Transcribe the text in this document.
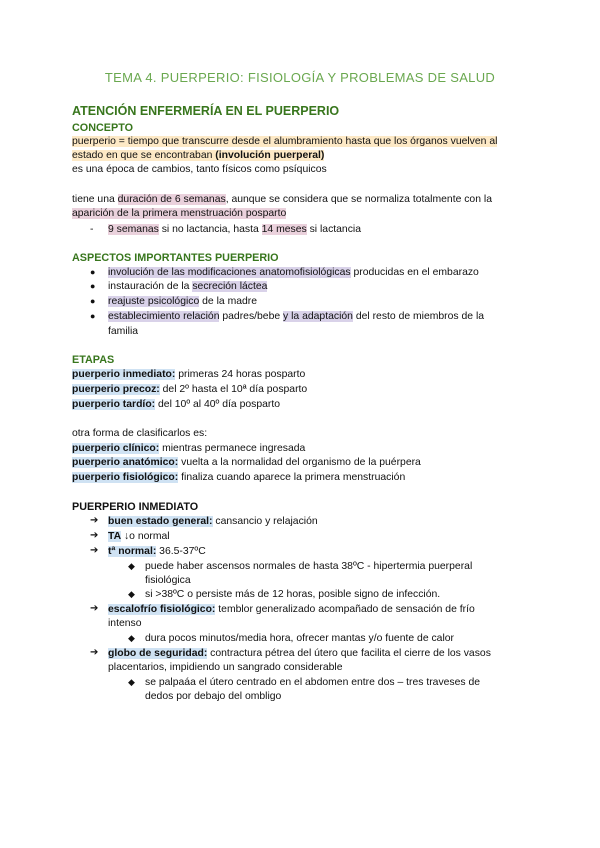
TEMA 4. PUERPERIO: FISIOLOGÍA Y PROBLEMAS DE SALUD
ATENCIÓN ENFERMERÍA EN EL PUERPERIO
CONCEPTO
puerperio = tiempo que transcurre desde el alumbramiento hasta que los órganos vuelven al
estado en que se encontraban (involución puerperal)
es una época de cambios, tanto físicos como psíquicos
tiene una duración de 6 semanas, aunque se considera que se normaliza totalmente con la
aparición de la primera menstruación posparto
- 9 semanas si no lactancia, hasta 14 meses si lactancia
ASPECTOS IMPORTANTES PUERPERIO
● involución de las modificaciones anatomofisiológicas producidas en el embarazo
● instauración de la secreción láctea
● reajuste psicológico de la madre
● establecimiento relación padres/bebe y la adaptación del resto de miembros de la
familia
ETAPAS
puerperio inmediato: primeras 24 horas posparto
puerperio precoz: del 2º hasta el 10ª día posparto
puerperio tardío: del 10º al 40º día posparto
otra forma de clasificarlos es:
puerperio clínico: mientras permanece ingresada
puerperio anatómico: vuelta a la normalidad del organismo de la puérpera
puerperio fisiológico: finaliza cuando aparece la primera menstruación
PUERPERIO INMEDIATO
➔ buen estado general: cansancio y relajación
➔ TA ↓o normal
➔ tª normal: 36.5-37ºC
◆ puede haber ascensos normales de hasta 38ºC - hipertermia puerperal
fisiológica
◆ si >38ºC o persiste más de 12 horas, posible signo de infección.
➔ escalofrío fisiológico: temblor generalizado acompañado de sensación de frío
intenso
◆ dura pocos minutos/media hora, ofrecer mantas y/o fuente de calor
➔ globo de seguridad: contractura pétrea del útero que facilita el cierre de los vasos
placentarios, impidiendo un sangrado considerable
◆ se palpaáa el útero centrado en el abdomen entre dos – tres traveses de
dedos por debajo del ombligo
